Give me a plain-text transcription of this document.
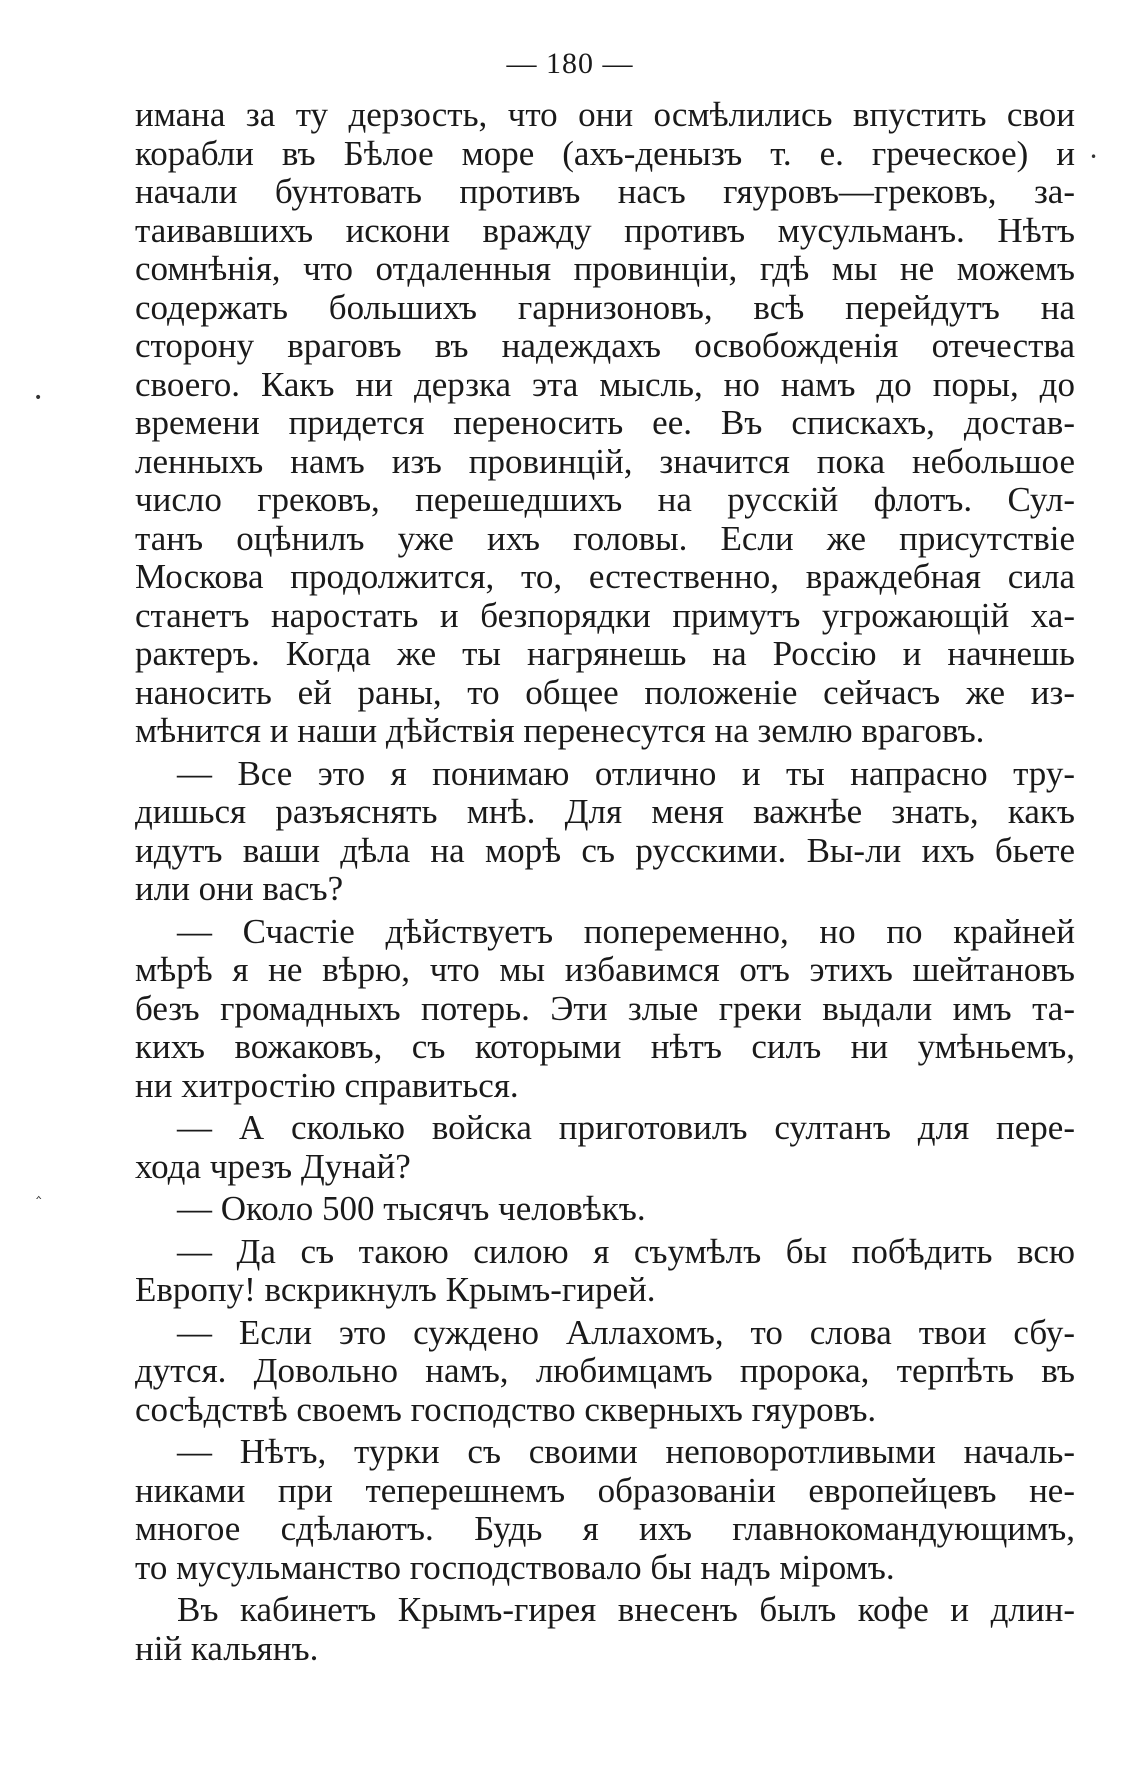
— 180 —
имана за ту дерзость, что они осмѣлились впустить свои
корабли въ Бѣлое море (ахъ-денызъ т. е. греческое) и
начали бунтовать противъ насъ гяуровъ—грековъ, за-
таивавшихъ искони вражду противъ мусульманъ. Нѣтъ
сомнѣнія, что отдаленныя провинціи, гдѣ мы не можемъ
содержать большихъ гарнизоновъ, всѣ перейдутъ на
сторону враговъ въ надеждахъ освобожденія отечества
своего. Какъ ни дерзка эта мысль, но намъ до поры, до
времени придется переносить ее. Въ спискахъ, достав-
ленныхъ намъ изъ провинцій, значится пока небольшое
число грековъ, перешедшихъ на русскій флотъ. Сул-
танъ оцѣнилъ уже ихъ головы. Если же присутствіе
Москова продолжится, то, естественно, враждебная сила
станетъ наростать и безпорядки примутъ угрожающій ха-
рактеръ. Когда же ты нагрянешь на Россію и начнешь
наносить ей раны, то общее положеніе сейчасъ же из-
мѣнится и наши дѣйствія перенесутся на землю враговъ.
— Все это я понимаю отлично и ты напрасно тру-
дишься разъяснять мнѣ. Для меня важнѣе знать, какъ
идутъ ваши дѣла на морѣ съ русскими. Вы-ли ихъ бьете
или они васъ?
— Счастіе дѣйствуетъ попеременно, но по крайней
мѣрѣ я не вѣрю, что мы избавимся отъ этихъ шейтановъ
безъ громадныхъ потерь. Эти злые греки выдали имъ та-
кихъ вожаковъ, съ которыми нѣтъ силъ ни умѣньемъ,
ни хитростію справиться.
— А сколько войска приготовилъ султанъ для пере-
хода чрезъ Дунай?
— Около 500 тысячъ человѣкъ.
— Да съ такою силою я съумѣлъ бы побѣдить всю
Европу! вскрикнулъ Крымъ-гирей.
— Если это суждено Аллахомъ, то слова твои сбу-
дутся. Довольно намъ, любимцамъ пророка, терпѣть въ
сосѣдствѣ своемъ господство скверныхъ гяуровъ.
— Нѣтъ, турки съ своими неповоротливыми началь-
никами при теперешнемъ образованіи европейцевъ не-
многое сдѣлаютъ. Будь я ихъ главнокомандующимъ,
то мусульманство господствовало бы надъ міромъ.
Въ кабинетъ Крымъ-гирея внесенъ былъ кофе и длин-
ній кальянъ.
•
•
‸
